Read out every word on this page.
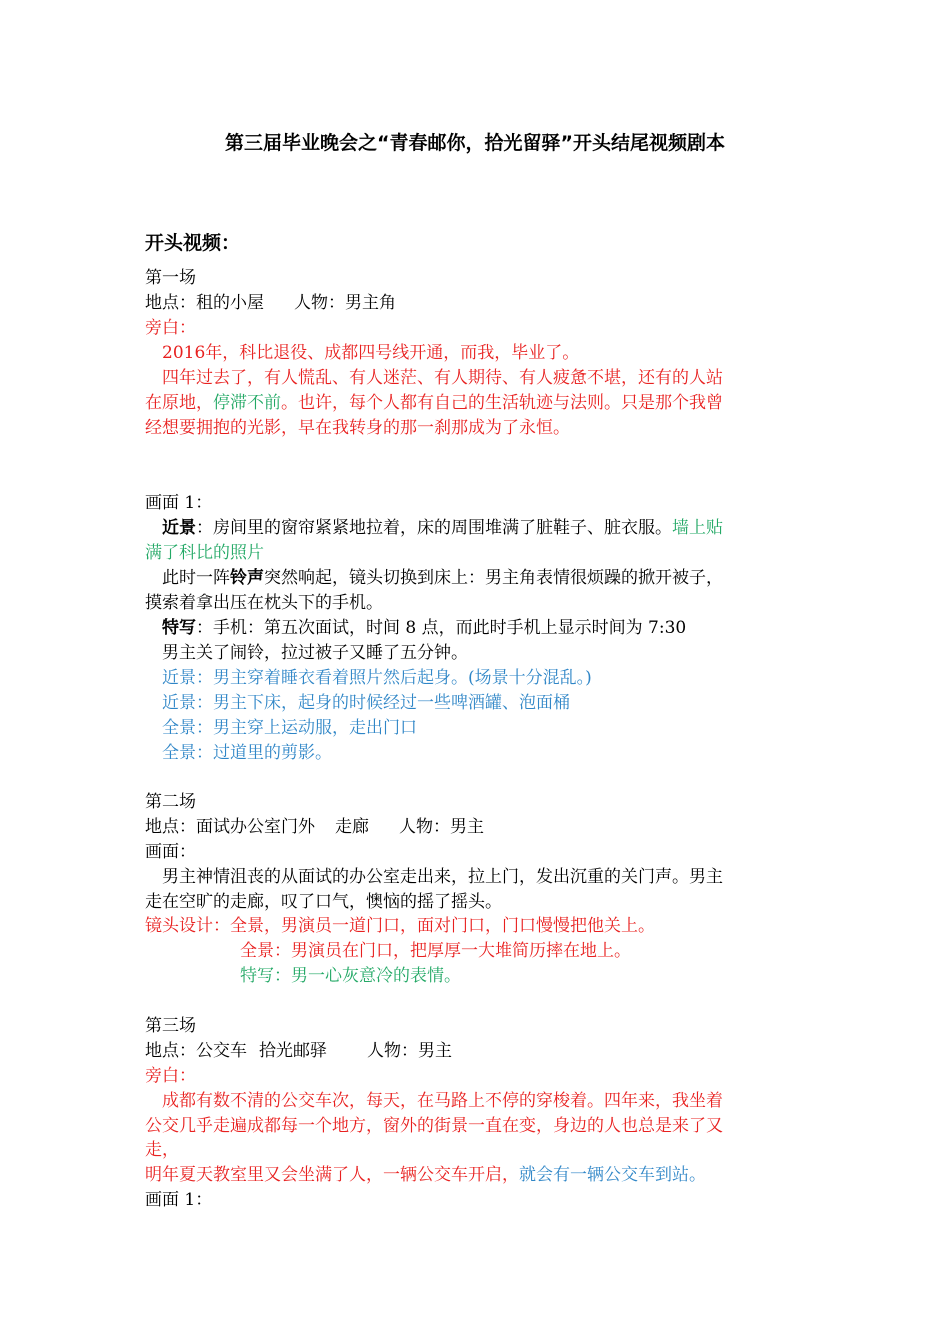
第三届毕业晚会之“青春邮你，拾光留驿”开头结尾视频剧本
开头视频：
第一场
地点：租的小屋 人物：男主角
旁白：
2016年，科比退役、成都四号线开通，而我，毕业了。
四年过去了，有人慌乱、有人迷茫、有人期待、有人疲惫不堪，还有的人站
在原地，停滞不前。也许，每个人都有自己的生活轨迹与法则。只是那个我曾
经想要拥抱的光影，早在我转身的那一刹那成为了永恒。
画面 1：
近景：房间里的窗帘紧紧地拉着，床的周围堆满了脏鞋子、脏衣服。墙上贴
满了科比的照片
此时一阵铃声突然响起，镜头切换到床上：男主角表情很烦躁的掀开被子，
摸索着拿出压在枕头下的手机。
特写：手机：第五次面试，时间 8 点，而此时手机上显示时间为 7:30
男主关了闹铃，拉过被子又睡了五分钟。
近景：男主穿着睡衣看着照片然后起身。(场景十分混乱。)
近景：男主下床，起身的时候经过一些啤酒罐、泡面桶
全景：男主穿上运动服，走出门口
全景：过道里的剪影。
第二场
地点：面试办公室门外 走廊 人物：男主
画面：
男主神情沮丧的从面试的办公室走出来，拉上门，发出沉重的关门声。男主
走在空旷的走廊，叹了口气，懊恼的摇了摇头。
镜头设计：全景，男演员一道门口，面对门口，门口慢慢把他关上。
全景：男演员在门口，把厚厚一大堆简历摔在地上。
特写：男一心灰意冷的表情。
第三场
地点：公交车 拾光邮驿 人物：男主
旁白：
成都有数不清的公交车次，每天，在马路上不停的穿梭着。四年来，我坐着
公交几乎走遍成都每一个地方，窗外的街景一直在变，身边的人也总是来了又
走，
明年夏天教室里又会坐满了人，一辆公交车开启，就会有一辆公交车到站。
画面 1：
